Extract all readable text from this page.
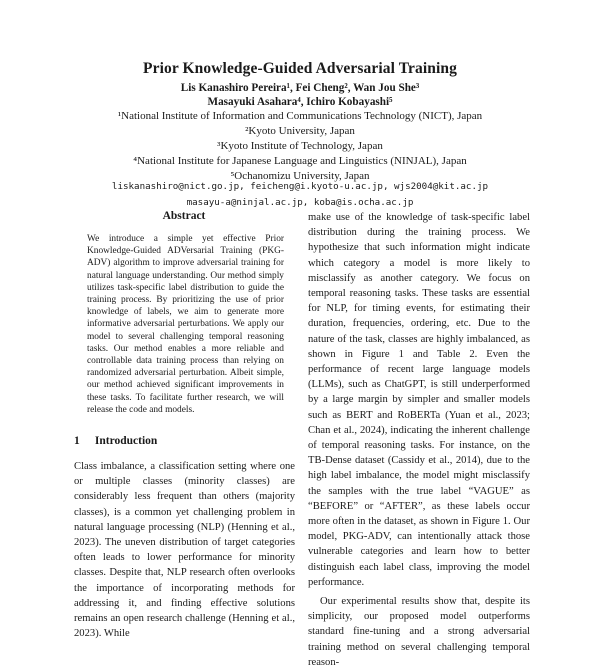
Prior Knowledge-Guided Adversarial Training
Lis Kanashiro Pereira¹, Fei Cheng², Wan Jou She³
Masayuki Asahara⁴, Ichiro Kobayashi⁵
¹National Institute of Information and Communications Technology (NICT), Japan
²Kyoto University, Japan
³Kyoto Institute of Technology, Japan
⁴National Institute for Japanese Language and Linguistics (NINJAL), Japan
⁵Ochanomizu University, Japan
liskanashiro@nict.go.jp, feicheng@i.kyoto-u.ac.jp, wjs2004@kit.ac.jp
masayu-a@ninjal.ac.jp, koba@is.ocha.ac.jp
Abstract
We introduce a simple yet effective Prior Knowledge-Guided ADVersarial Training (PKG-ADV) algorithm to improve adversarial training for natural language understanding. Our method simply utilizes task-specific label distribution to guide the training process. By prioritizing the use of prior knowledge of labels, we aim to generate more informative adversarial perturbations. We apply our model to several challenging temporal reasoning tasks. Our method enables a more reliable and controllable data training process than relying on randomized adversarial perturbation. Albeit simple, our method achieved significant improvements in these tasks. To facilitate further research, we will release the code and models.
1 Introduction
Class imbalance, a classification setting where one or multiple classes (minority classes) are considerably less frequent than others (majority classes), is a common yet challenging problem in natural language processing (NLP) (Henning et al., 2023). The uneven distribution of target categories often leads to lower performance for minority classes. Despite that, NLP research often overlooks the importance of incorporating methods for addressing it, and finding effective solutions remains an open research challenge (Henning et al., 2023). While

make use of the knowledge of task-specific label distribution during the training process. We hypothesize that such information might indicate which category a model is more likely to misclassify as another category. We focus on temporal reasoning tasks. These tasks are essential for NLP, for timing events, for estimating their duration, frequencies, ordering, etc. Due to the nature of the task, classes are highly imbalanced, as shown in Figure 1 and Table 2. Even the performance of recent large language models (LLMs), such as ChatGPT, is still underperformed by a large margin by simpler and smaller models such as BERT and RoBERTa (Yuan et al., 2023; Chan et al., 2024), indicating the inherent challenge of temporal reasoning tasks. For instance, on the TB-Dense dataset (Cassidy et al., 2014), due to the high label imbalance, the model might misclassify the samples with the true label “VAGUE” as “BEFORE” or “AFTER”, as these labels occur more often in the dataset, as shown in Figure 1. Our model, PKG-ADV, can intentionally attack those vulnerable categories and learn how to better distinguish each label class, improving the model performance.

Our experimental results show that, despite its simplicity, our proposed model outperforms standard fine-tuning and a strong adversarial training method on several challenging temporal reason-
